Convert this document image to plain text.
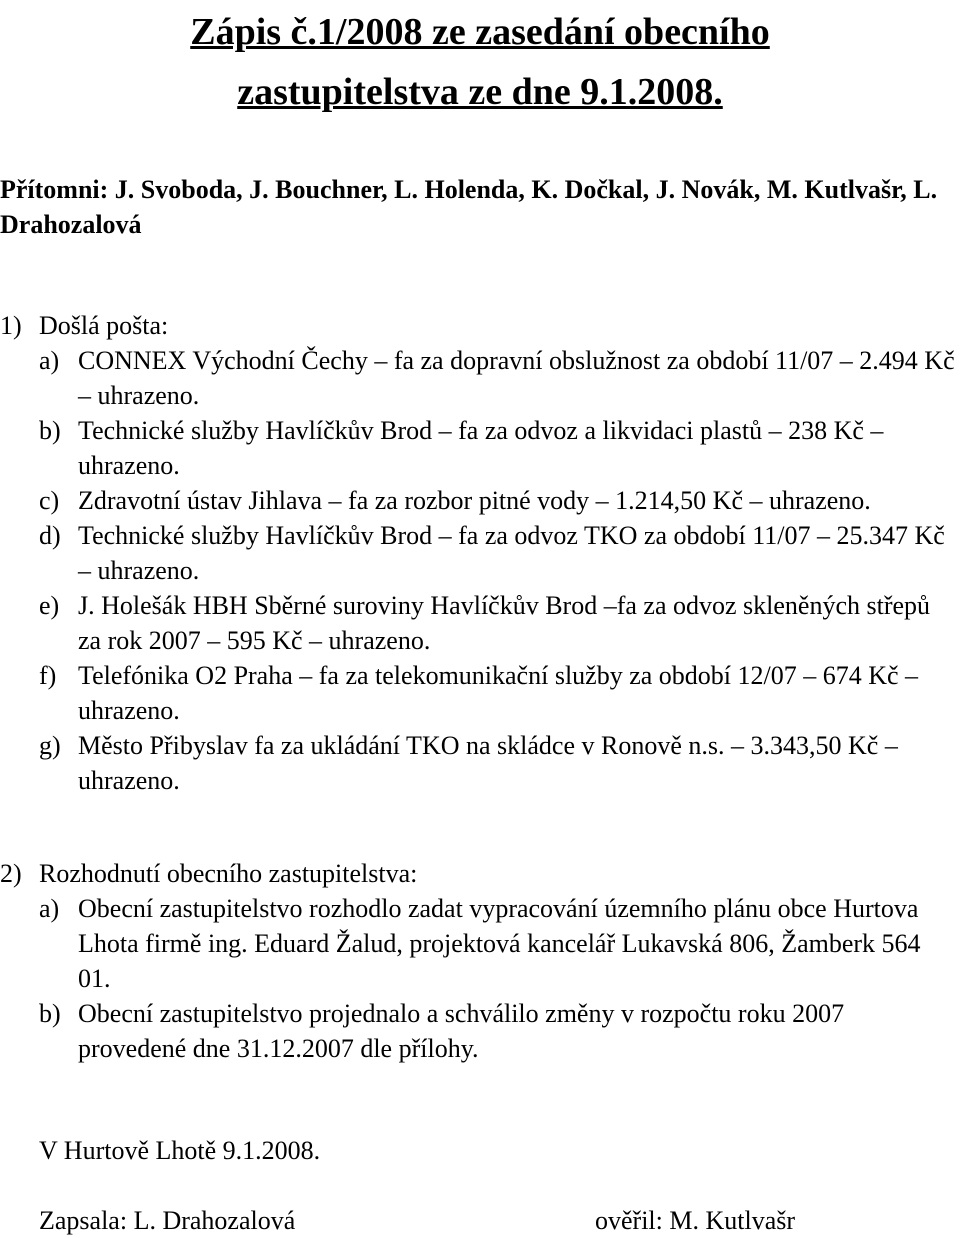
Zápis č.1/2008 ze zasedání obecního
zastupitelstva ze dne 9.1.2008.
Přítomni: J. Svoboda, J. Bouchner, L. Holenda, K. Dočkal, J. Novák, M. Kutlvašr, L. Drahozalová
1) Došlá pošta:
a) CONNEX Východní Čechy – fa za dopravní obslužnost za období 11/07 – 2.494 Kč – uhrazeno.
b) Technické služby Havlíčkův Brod – fa za odvoz a likvidaci plastů – 238 Kč – uhrazeno.
c) Zdravotní ústav Jihlava – fa za rozbor pitné vody – 1.214,50 Kč – uhrazeno.
d) Technické služby Havlíčkův Brod – fa za odvoz TKO za období 11/07 – 25.347 Kč – uhrazeno.
e) J. Holešák HBH Sběrné suroviny Havlíčkův Brod –fa za odvoz skleněných střepů za rok 2007 – 595 Kč – uhrazeno.
f) Telefónika O2 Praha – fa za telekomunikační služby za období 12/07 – 674 Kč – uhrazeno.
g) Město Přibyslav fa za ukládání TKO na skládce v Ronově n.s. – 3.343,50 Kč – uhrazeno.
2) Rozhodnutí obecního zastupitelstva:
a) Obecní zastupitelstvo rozhodlo zadat vypracování územního plánu obce Hurtova Lhota firmě ing. Eduard Žalud, projektová kancelář Lukavská 806, Žamberk 564 01.
b) Obecní zastupitelstvo projednalo a schválilo změny v rozpočtu roku 2007 provedené dne 31.12.2007 dle přílohy.
V Hurtově Lhotě 9.1.2008.
Zapsala: L. Drahozalová	ověřil: M. Kutlvašr
